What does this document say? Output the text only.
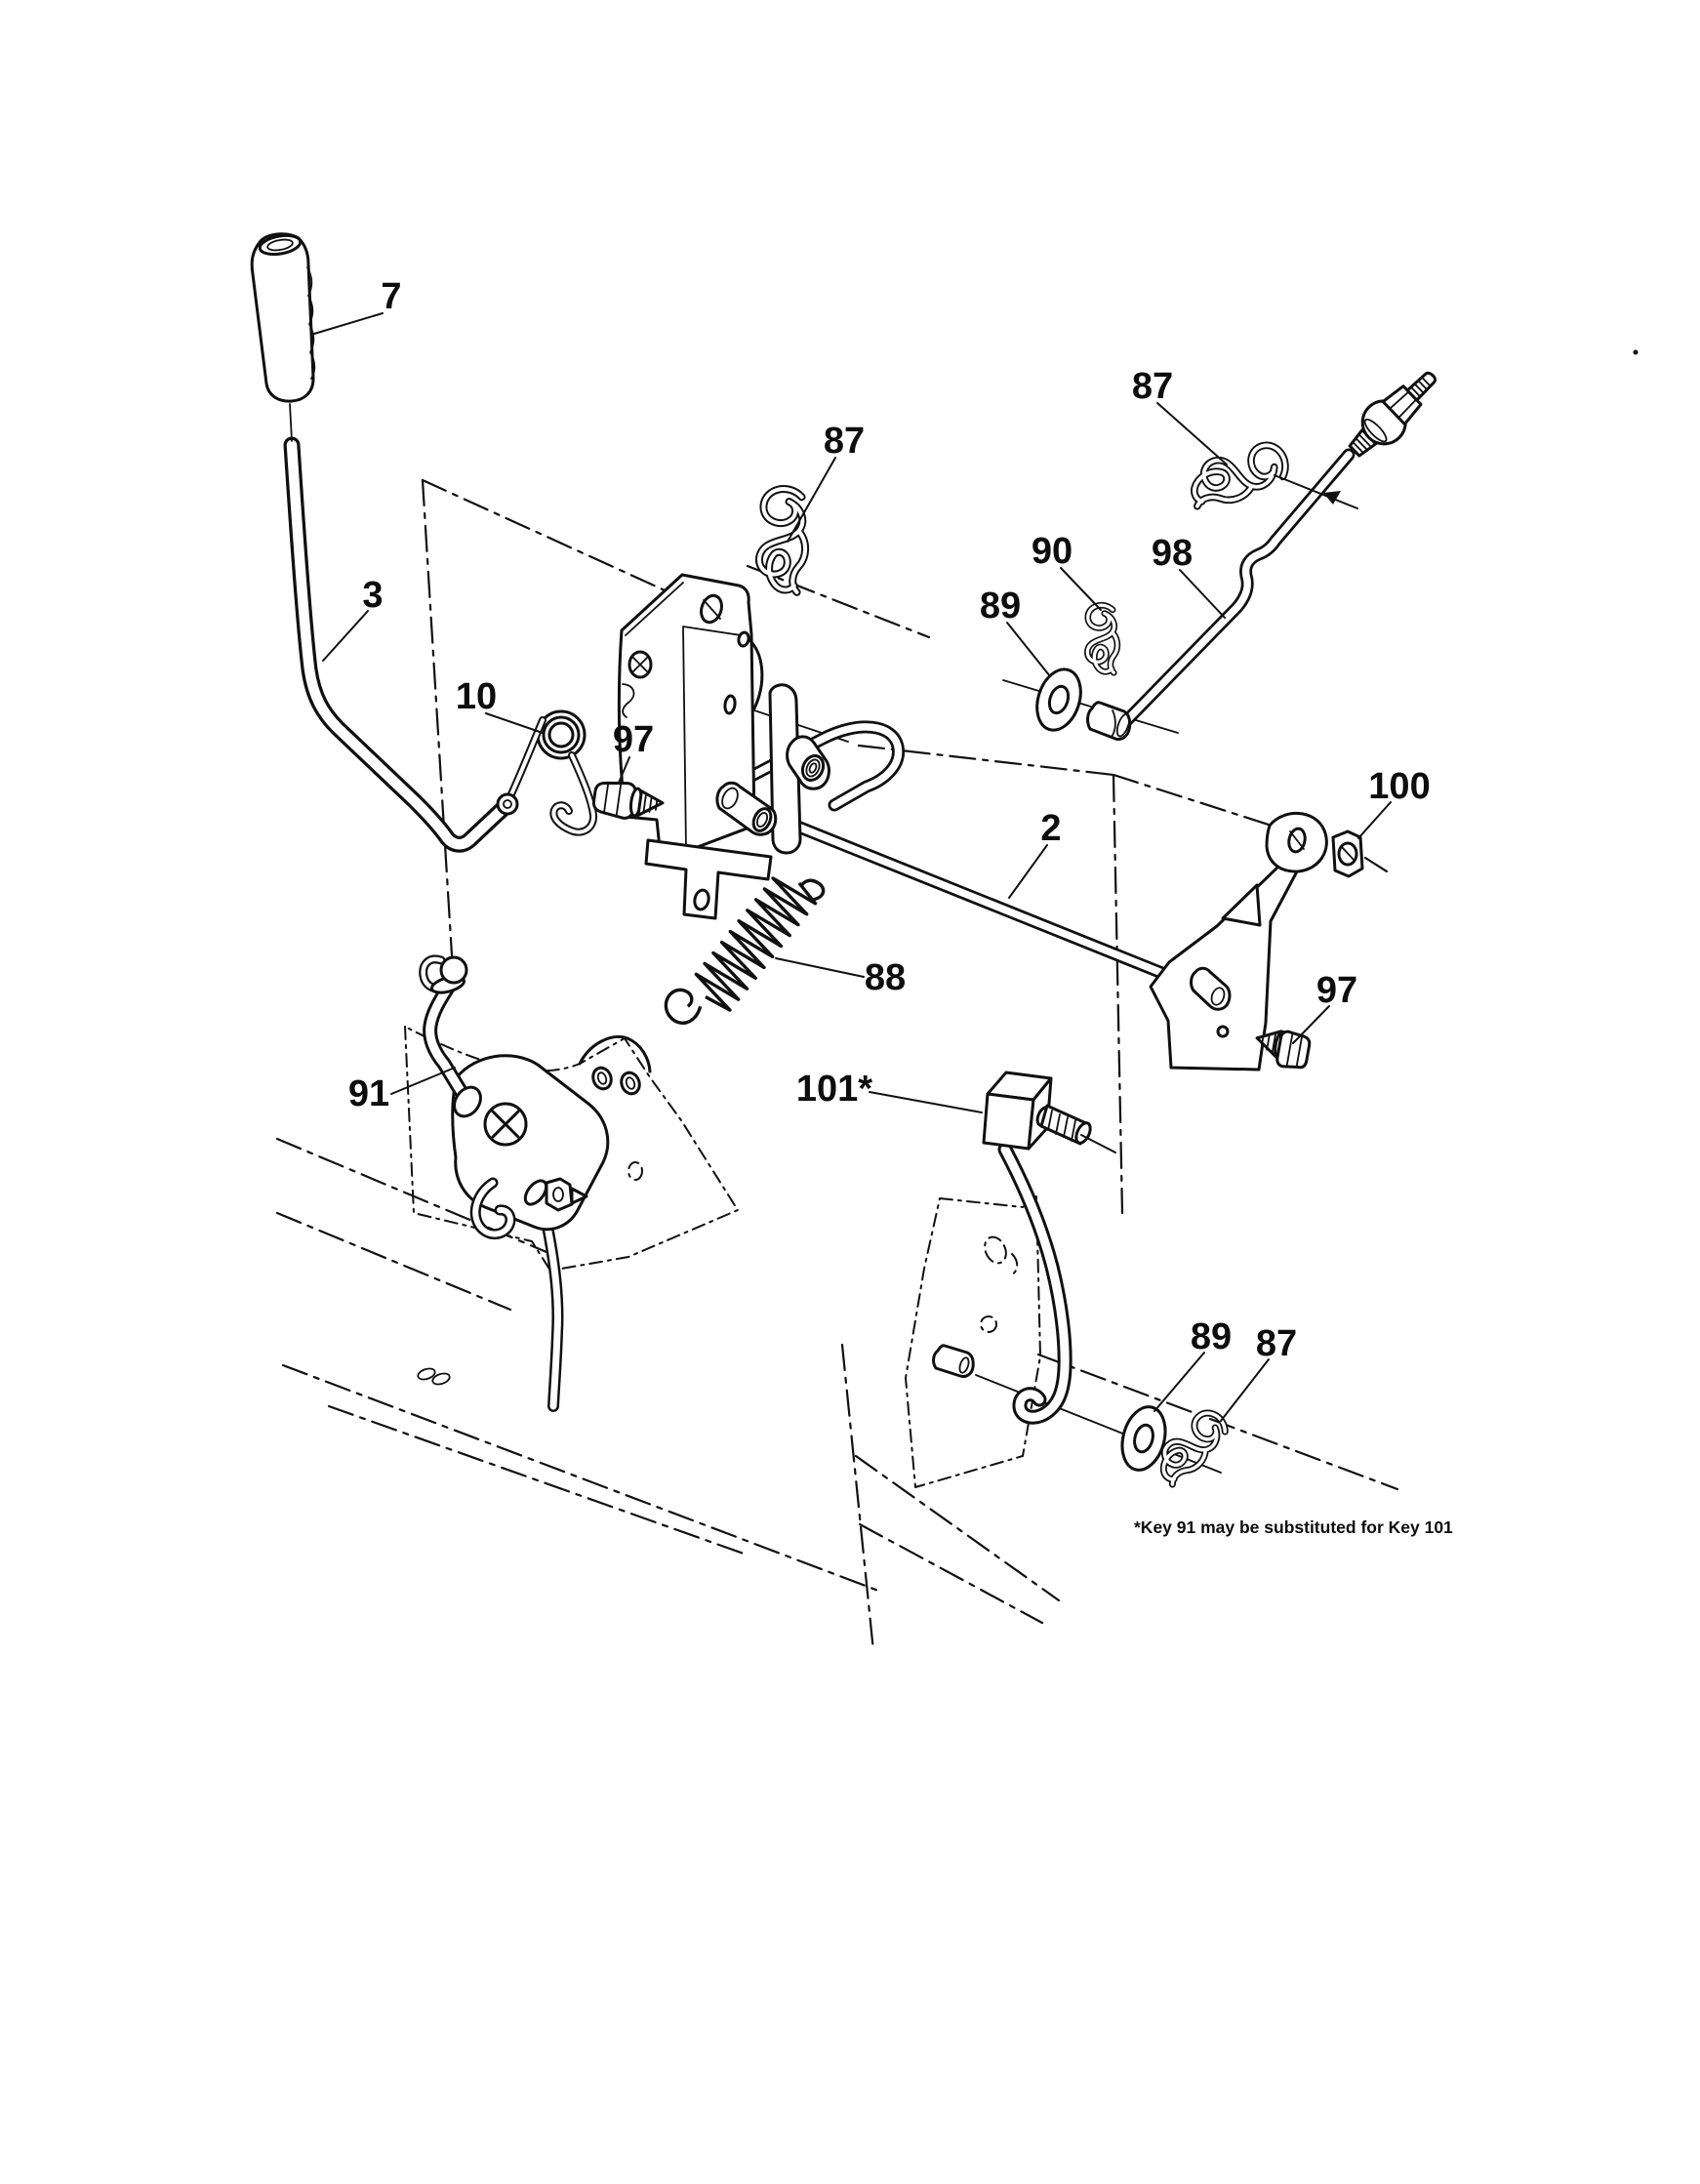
7
3
87
10
97
87
90
89
98
2
100
88	97
91	101*
89 87
*Key 91 may be substituted for Key 101
